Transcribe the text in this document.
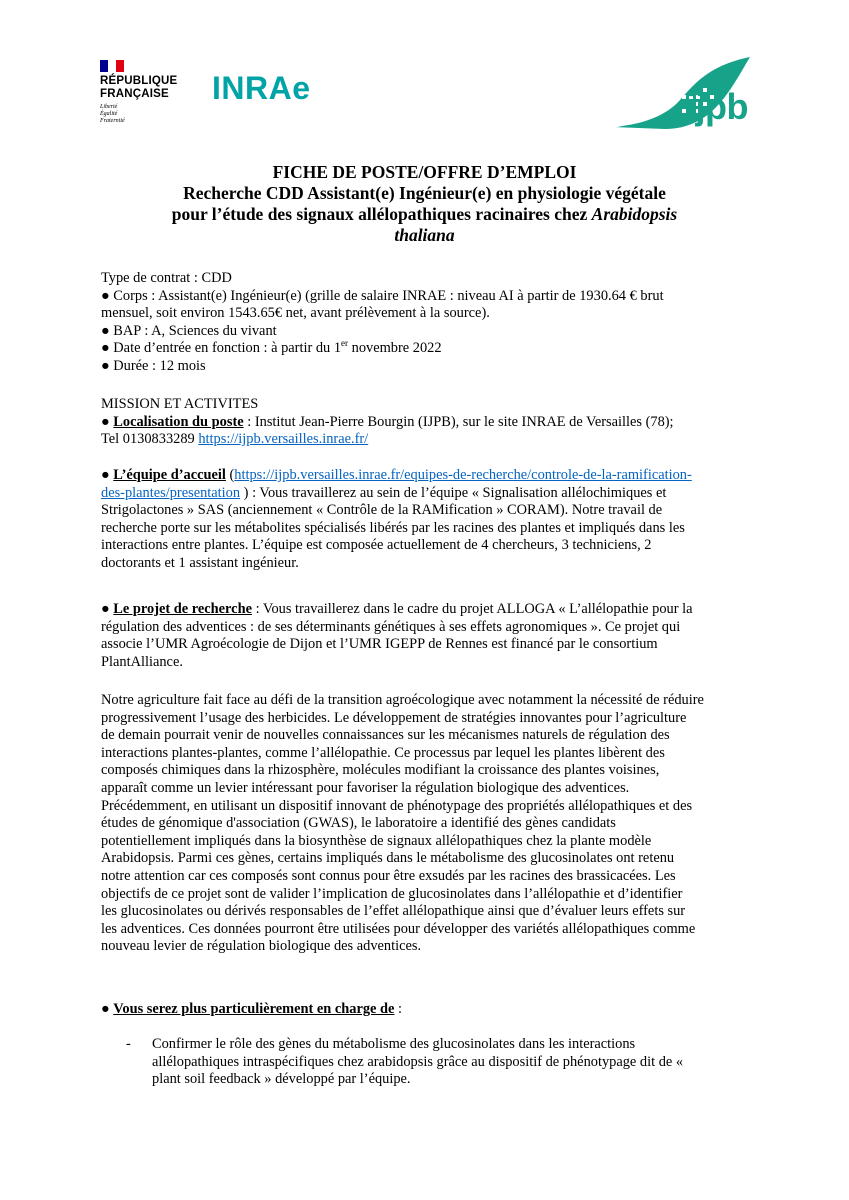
RÉPUBLIQUE
FRANÇAISE
Liberté
Égalité
Fraternité
INRAe	ijpb
FICHE DE POSTE/OFFRE D’EMPLOI
Recherche CDD Assistant(e) Ingénieur(e) en physiologie végétale
pour l’étude des signaux allélopathiques racinaires chez Arabidopsis
thaliana
Type de contrat : CDD
● Corps : Assistant(e) Ingénieur(e) (grille de salaire INRAE : niveau AI à partir de 1930.64 € brut
mensuel, soit environ 1543.65€ net, avant prélèvement à la source).
● BAP : A, Sciences du vivant
● Date d’entrée en fonction : à partir du 1er novembre 2022
● Durée : 12 mois
MISSION ET ACTIVITES
● Localisation du poste : Institut Jean-Pierre Bourgin (IJPB), sur le site INRAE de Versailles (78);
Tel 0130833289 https://ijpb.versailles.inrae.fr/
● L’équipe d’accueil (https://ijpb.versailles.inrae.fr/equipes-de-recherche/controle-de-la-ramification-
des-plantes/presentation ) : Vous travaillerez au sein de l’équipe « Signalisation allélochimiques et
Strigolactones » SAS (anciennement « Contrôle de la RAMification » CORAM). Notre travail de
recherche porte sur les métabolites spécialisés libérés par les racines des plantes et impliqués dans les
interactions entre plantes. L’équipe est composée actuellement de 4 chercheurs, 3 techniciens, 2
doctorants et 1 assistant ingénieur.
● Le projet de recherche : Vous travaillerez dans le cadre du projet ALLOGA « L’allélopathie pour la
régulation des adventices : de ses déterminants génétiques à ses effets agronomiques ». Ce projet qui
associe l’UMR Agroécologie de Dijon et l’UMR IGEPP de Rennes est financé par le consortium
PlantAlliance.
Notre agriculture fait face au défi de la transition agroécologique avec notamment la nécessité de réduire
progressivement l’usage des herbicides. Le développement de stratégies innovantes pour l’agriculture
de demain pourrait venir de nouvelles connaissances sur les mécanismes naturels de régulation des
interactions plantes-plantes, comme l’allélopathie. Ce processus par lequel les plantes libèrent des
composés chimiques dans la rhizosphère, molécules modifiant la croissance des plantes voisines,
apparaît comme un levier intéressant pour favoriser la régulation biologique des adventices.
Précédemment, en utilisant un dispositif innovant de phénotypage des propriétés allélopathiques et des
études de génomique d'association (GWAS), le laboratoire a identifié des gènes candidats
potentiellement impliqués dans la biosynthèse de signaux allélopathiques chez la plante modèle
Arabidopsis. Parmi ces gènes, certains impliqués dans le métabolisme des glucosinolates ont retenu
notre attention car ces composés sont connus pour être exsudés par les racines des brassicacées. Les
objectifs de ce projet sont de valider l’implication de glucosinolates dans l’allélopathie et d’identifier
les glucosinolates ou dérivés responsables de l’effet allélopathique ainsi que d’évaluer leurs effets sur
les adventices. Ces données pourront être utilisées pour développer des variétés allélopathiques comme
nouveau levier de régulation biologique des adventices.
● Vous serez plus particulièrement en charge de :
- Confirmer le rôle des gènes du métabolisme des glucosinolates dans les interactions
allélopathiques intraspécifiques chez arabidopsis grâce au dispositif de phénotypage dit de «
plant soil feedback » développé par l’équipe.
